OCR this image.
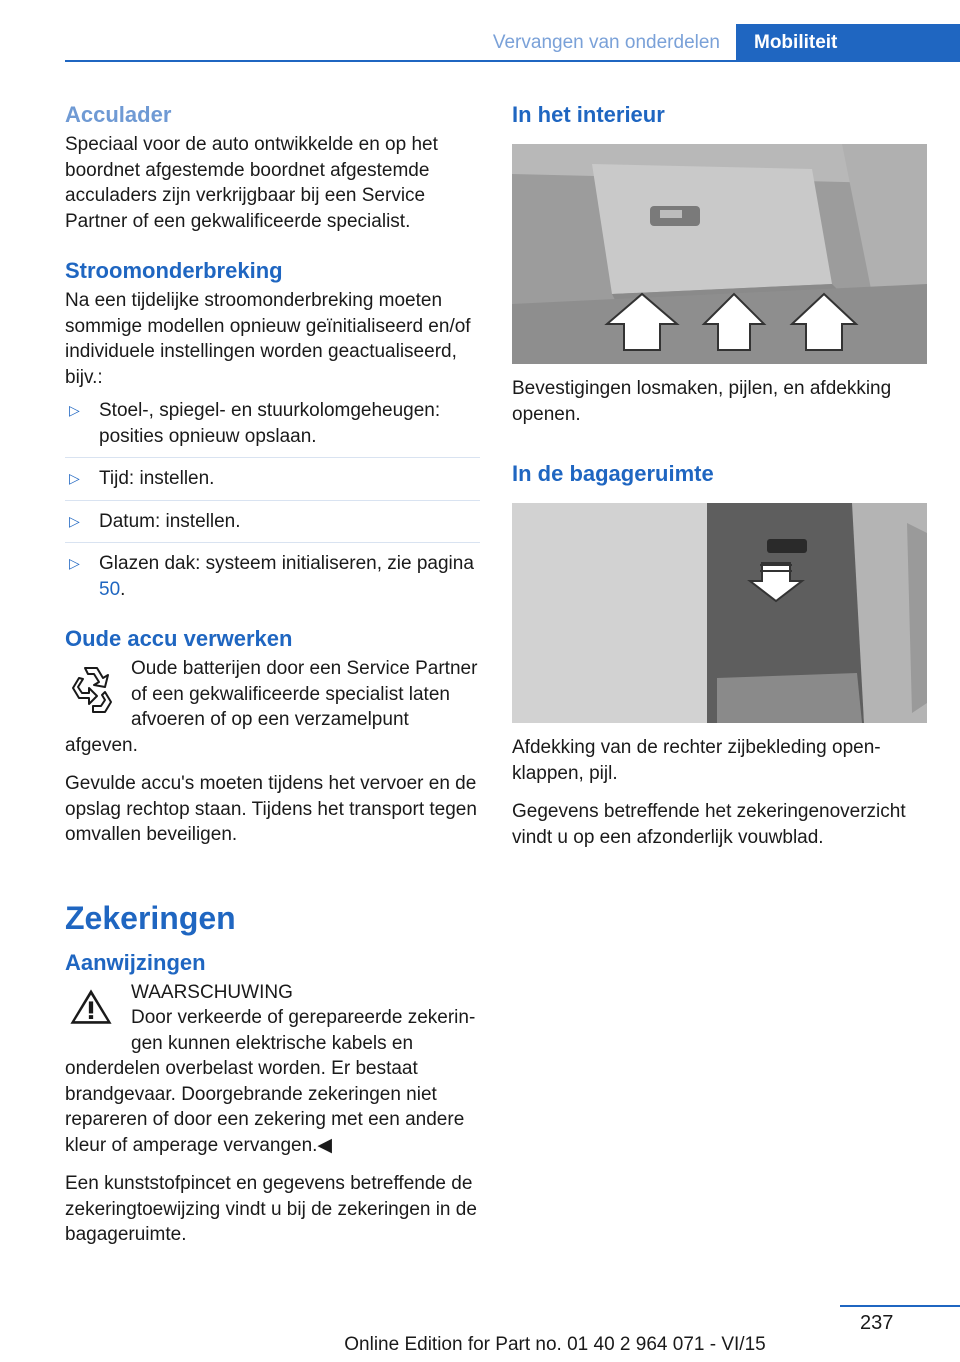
Vervangen van onderdelen	Mobiliteit
Acculader

Speciaal voor de auto ontwikkelde en op het boordnet afgestemde boordnet afgestemde acculaders zijn verkrijgbaar bij een Service Partner of een gekwalificeerde specialist.

Stroomonderbreking

Na een tijdelijke stroomonderbreking moeten sommige modellen opnieuw geïnitialiseerd en/of individuele instellingen worden geactualiseerd, bijv.:

▷ Stoel-, spiegel- en stuurkolomgeheugen: posities opnieuw opslaan.
▷ Tijd: instellen.
▷ Datum: instellen.
▷ Glazen dak: systeem initialiseren, zie pagina 50.
Oude accu verwerken

Oude batterijen door een Service Partner of een gekwalificeerde specialist laten afvoeren of op een verzamelpunt afgeven.

Gevulde accu's moeten tijdens het vervoer en de opslag rechtop staan. Tijdens het transport tegen omvallen beveiligen.

Zekeringen
Aanwijzingen

WAARSCHUWING

Door verkeerde of gerepareerde zekeringen kunnen elektrische kabels en onderdelen overbelast worden. Er bestaat brandgevaar. Doorgebrande zekeringen niet repareren of door een zekering met een andere kleur of amperage vervangen.◀

Een kunststofpincet en gegevens betreffende de zekeringtoewijzing vindt u bij de zekeringen in de bagageruimte.

In het interieur

Bevestigingen losmaken, pijlen, en afdekking openen.

In de bagageruimte

Afdekking van de rechter zijbekleding openklappen, pijl.

Gegevens betreffende het zekeringenoverzicht vindt u op een afzonderlijk vouwblad.

237
Online Edition for Part no. 01 40 2 964 071 - VI/15
